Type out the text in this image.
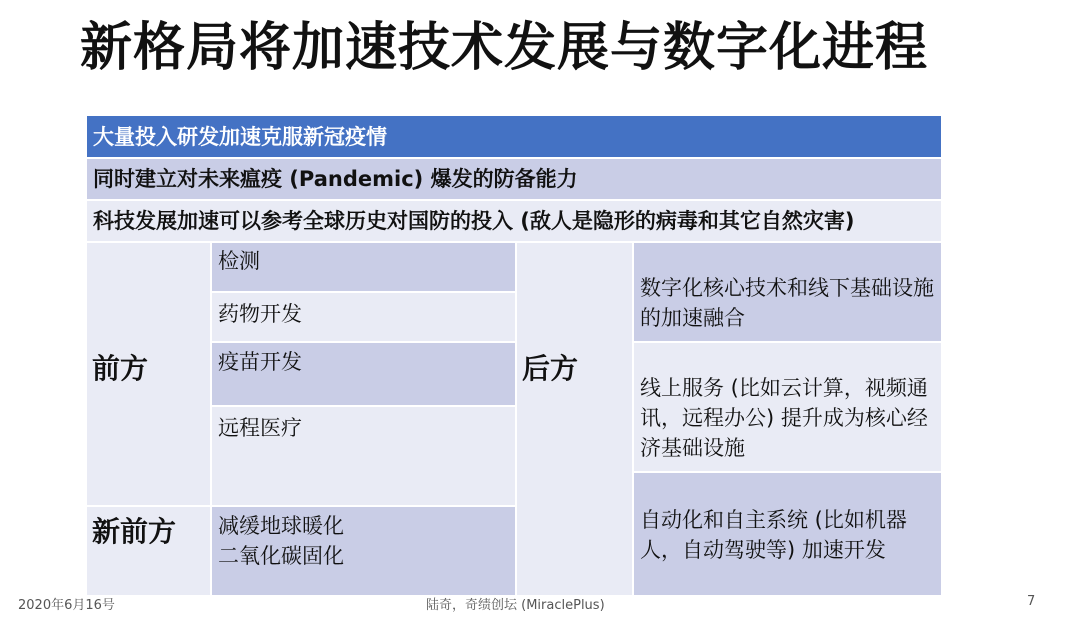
新格局将加速技术发展与数字化进程
大量投入研发加速克服新冠疫情
同时建立对未来瘟疫 (Pandemic) 爆发的防备能力
科技发展加速可以参考全球历史对国防的投入 (敌人是隐形的病毒和其它自然灾害)
前方
新前方
检测
药物开发
疫苗开发
远程医疗
减缓地球暖化
二氧化碳固化
后方
数字化核心技术和线下基础设施的加速融合
线上服务 (比如云计算，视频通讯，远程办公) 提升成为核心经济基础设施
自动化和自主系统 (比如机器人，自动驾驶等) 加速开发
2020年6月16号	陆奇，奇绩创坛 (MiraclePlus)	7
